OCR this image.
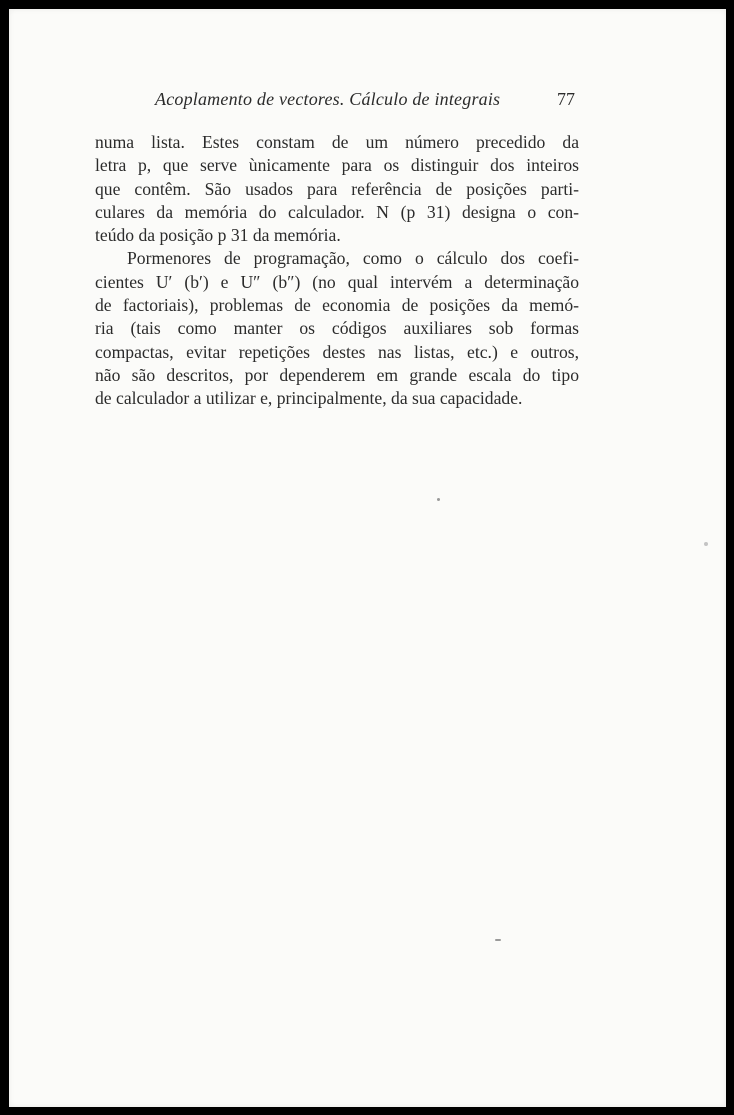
Acoplamento de vectores. Cálculo de integrais	77

numa lista. Estes constam de um número precedido da
letra p, que serve ùnicamente para os distinguir dos inteiros
que contêm. São usados para referência de posições parti-
culares da memória do calculador. N (p 31) designa o con-
teúdo da posição p 31 da memória.

Pormenores de programação, como o cálculo dos coefi-
cientes U′ (b′) e U″ (b″) (no qual intervém a determinação
de factoriais), problemas de economia de posições da memó-
ria (tais como manter os códigos auxiliares sob formas
compactas, evitar repetições destes nas listas, etc.) e outros,
não são descritos, por dependerem em grande escala do tipo
de calculador a utilizar e, principalmente, da sua capacidade.
